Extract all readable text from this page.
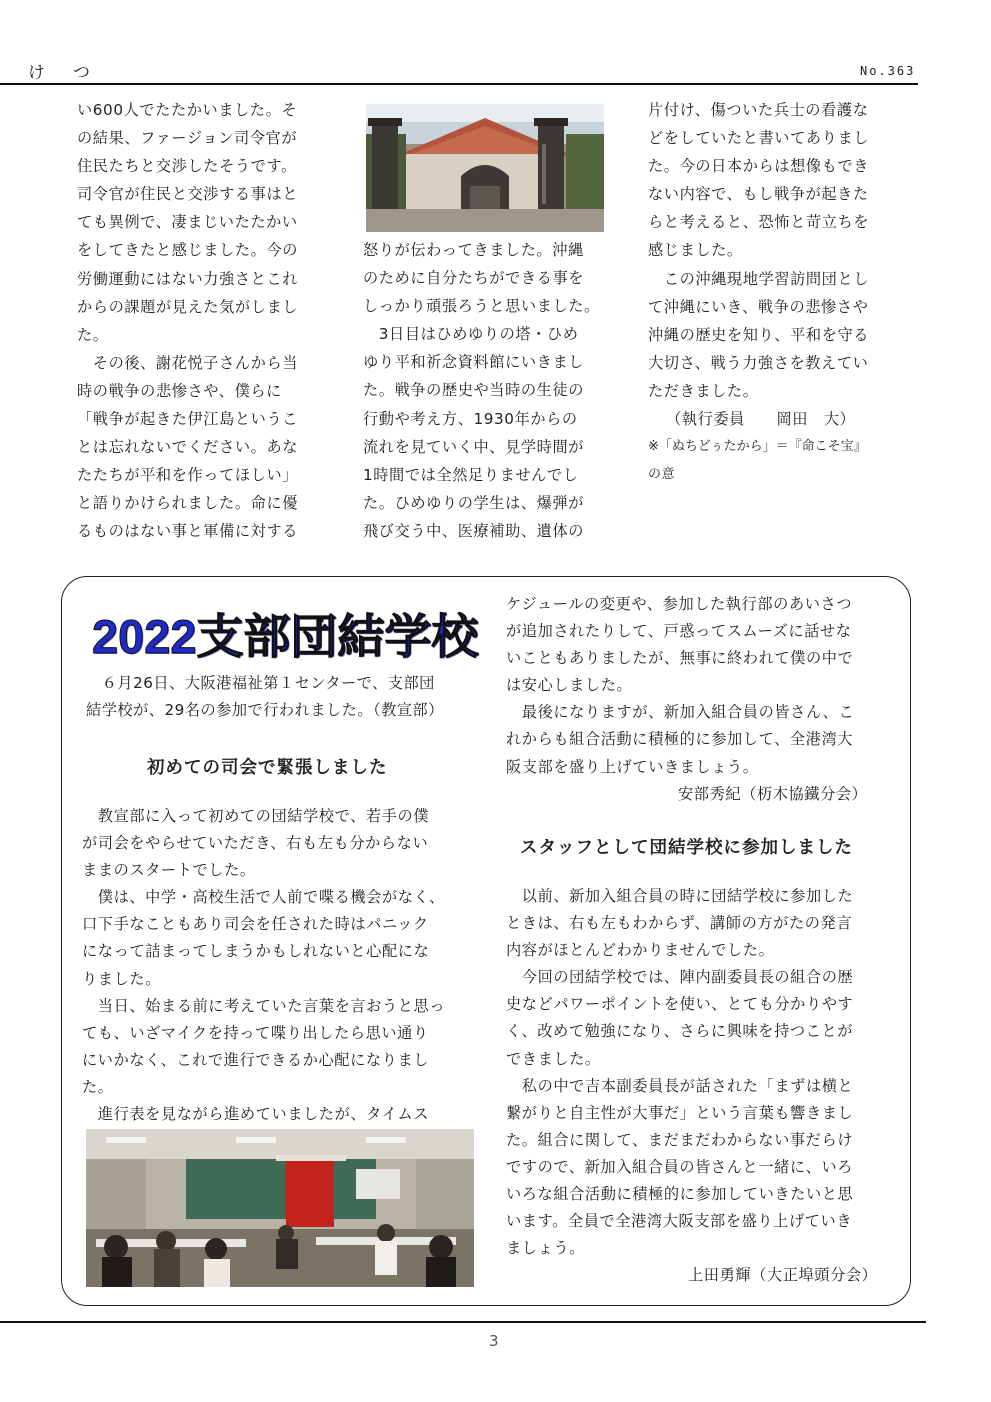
けつ	No.363

い600人でたたかいました。そ

の結果、ファージョン司令官が

住民たちと交渉したそうです。

司令官が住民と交渉する事はと

ても異例で、凄まじいたたかい

をしてきたと感じました。今の

労働運動にはない力強さとこれ

からの課題が見えた気がしまし

た。

　その後、謝花悦子さんから当

時の戦争の悲惨さや、僕らに

「戦争が起きた伊江島というこ

とは忘れないでください。あな

たたちが平和を作ってほしい」

と語りかけられました。命に優

るものはない事と軍備に対する

怒りが伝わってきました。沖縄

のために自分たちができる事を

しっかり頑張ろうと思いました。

　3日目はひめゆりの塔・ひめ

ゆり平和祈念資料館にいきまし

た。戦争の歴史や当時の生徒の

行動や考え方、1930年からの

流れを見ていく中、見学時間が

1時間では全然足りませんでし

た。ひめゆりの学生は、爆弾が

飛び交う中、医療補助、遺体の

片付け、傷ついた兵士の看護な

どをしていたと書いてありまし

た。今の日本からは想像もでき

ない内容で、もし戦争が起きた

らと考えると、恐怖と苛立ちを

感じました。

　この沖縄現地学習訪問団とし

て沖縄にいき、戦争の悲惨さや

沖縄の歴史を知り、平和を守る

大切さ、戦う力強さを教えてい

ただきました。

（執行委員　　岡田　大）

※「ぬちどぅたから」＝『命こそ宝』

の意

2022支部団結学校

　６月26日、大阪港福祉第１センターで、支部団

結学校が、29名の参加で行われました。（教宣部）

初めての司会で緊張しました

　教宣部に入って初めての団結学校で、若手の僕

が司会をやらせていただき、右も左も分からない

ままのスタートでした。

　僕は、中学・高校生活で人前で喋る機会がなく、

口下手なこともあり司会を任された時はパニック

になって詰まってしまうかもしれないと心配にな

りました。

　当日、始まる前に考えていた言葉を言おうと思っ

ても、いざマイクを持って喋り出したら思い通り

にいかなく、これで進行できるか心配になりまし

た。

　進行表を見ながら進めていましたが、タイムス

ケジュールの変更や、参加した執行部のあいさつ

が追加されたりして、戸惑ってスムーズに話せな

いこともありましたが、無事に終われて僕の中で

は安心しました。

　最後になりますが、新加入組合員の皆さん、こ

れからも組合活動に積極的に参加して、全港湾大

阪支部を盛り上げていきましょう。

安部秀紀（杤木協鐵分会）

スタッフとして団結学校に参加しました

　以前、新加入組合員の時に団結学校に参加した

ときは、右も左もわからず、講師の方がたの発言

内容がほとんどわかりませんでした。

　今回の団結学校では、陣内副委員長の組合の歴

史などパワーポイントを使い、とても分かりやす

く、改めて勉強になり、さらに興味を持つことが

できました。

　私の中で吉本副委員長が話された「まずは横と

繋がりと自主性が大事だ」という言葉も響きまし

た。組合に関して、まだまだわからない事だらけ

ですので、新加入組合員の皆さんと一緒に、いろ

いろな組合活動に積極的に参加していきたいと思

います。全員で全港湾大阪支部を盛り上げていき

ましょう。

上田勇輝（大正埠頭分会）

3
